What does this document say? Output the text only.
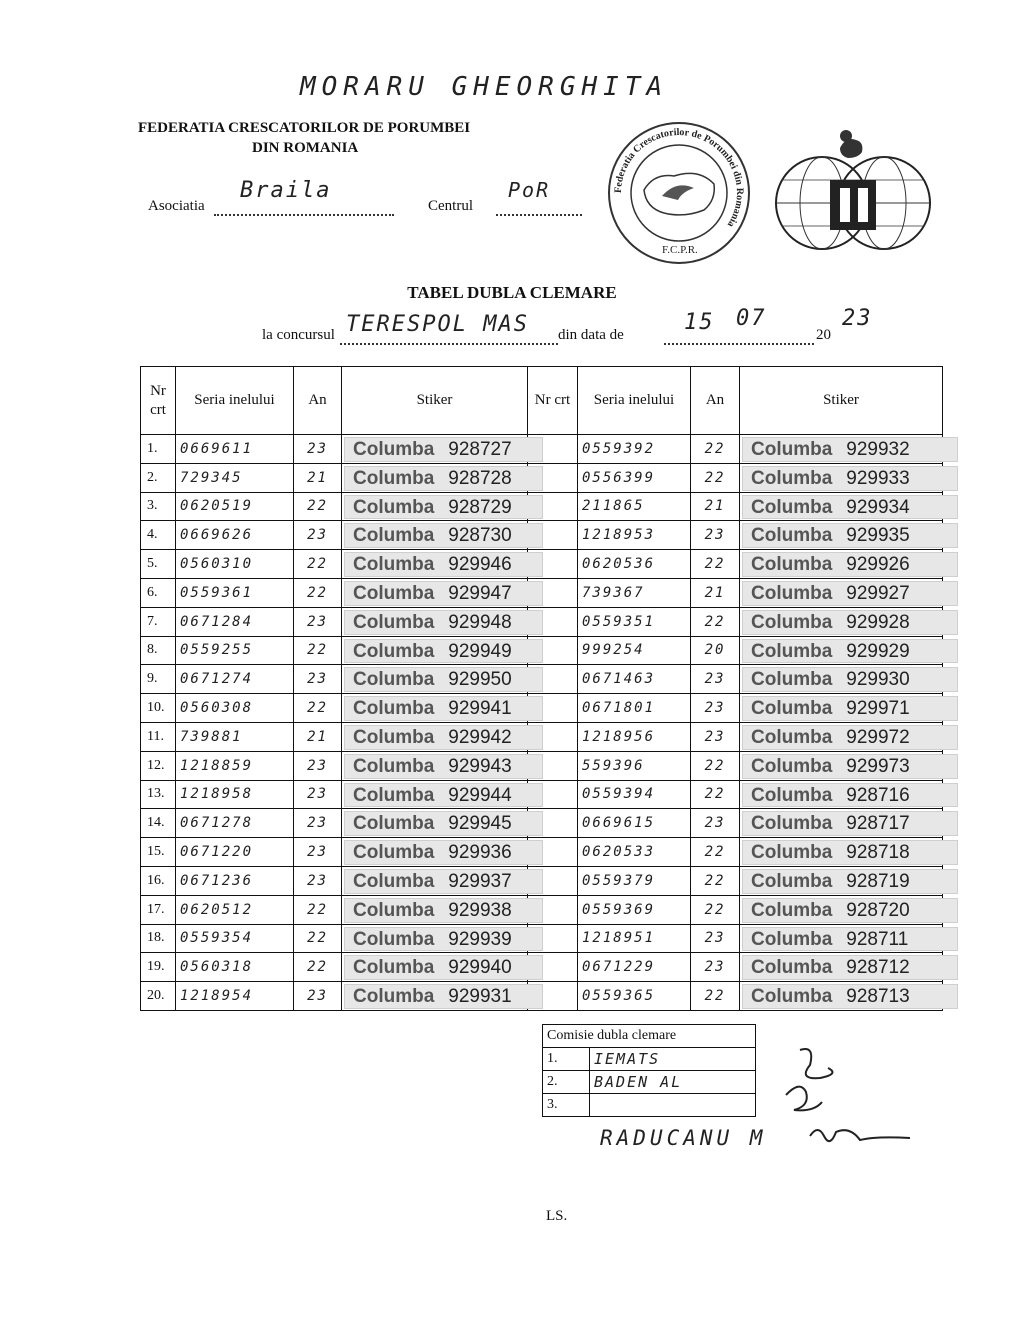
MORARU GHEORGHITA
FEDERATIA CRESCATORILOR DE PORUMBEI
DIN ROMANIA
Asociatia
Braila
Centrul
PoR	Federatia Crescatorilor de Porumbei din Romania
F.C.P.R.
TABEL DUBLA CLEMARE
la concursul TERESPOL MAS din data de	15 07
20
23
Nr crt	Seria inelului	An	Stiker	Nr crt	Seria inelului	An	Stiker
1.	0669611	23	Columba 928727		0559392	22	Columba 929932

2.	729345	21	Columba 928728		0556399	22	Columba 929933

3.	0620519	22	Columba 928729		211865	21	Columba 929934

4.	0669626	23	Columba 928730		1218953	23	Columba 929935

5.	0560310	22	Columba 929946		0620536	22	Columba 929926

6.	0559361	22	Columba 929947		739367	21	Columba 929927

7.	0671284	23	Columba 929948		0559351	22	Columba 929928

8.	0559255	22	Columba 929949		999254	20	Columba 929929

9.	0671274	23	Columba 929950		0671463	23	Columba 929930

10.	0560308	22	Columba 929941		0671801	23	Columba 929971

11.	739881	21	Columba 929942		1218956	23	Columba 929972

12.	1218859	23	Columba 929943		559396	22	Columba 929973

13.	1218958	23	Columba 929944		0559394	22	Columba 928716

14.	0671278	23	Columba 929945		0669615	23	Columba 928717

15.	0671220	23	Columba 929936		0620533	22	Columba 928718

16.	0671236	23	Columba 929937		0559379	22	Columba 928719

17.	0620512	22	Columba 929938		0559369	22	Columba 928720

18.	0559354	22	Columba 929939		1218951	23	Columba 928711

19.	0560318	22	Columba 929940		0671229	23	Columba 928712

20.	1218954	23	Columba 929931		0559365	22	Columba 928713
Comisie dubla clemare	
1.	IEMATS
2.	BADEN AL
3.	
RADUCANU M
LS.
